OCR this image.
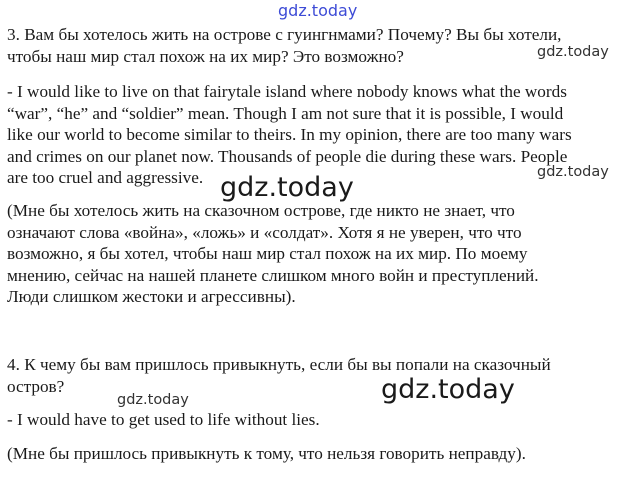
gdz.today
gdz.today
gdz.today	gdz.today
gdz.today	gdz.today
3. Вам бы хотелось жить на острове с гуингнмами? Почему? Вы бы хотели,
чтобы наш мир стал похож на их мир? Это возможно?
- I would like to live on that fairytale island where nobody knows what the words
“war”, “he” and “soldier” mean. Though I am not sure that it is possible, I would
like our world to become similar to theirs. In my opinion, there are too many wars
and crimes on our planet now. Thousands of people die during these wars. People
are too cruel and aggressive.
(Мне бы хотелось жить на сказочном острове, где никто не знает, что
означают слова «война», «ложь» и «солдат». Хотя я не уверен, что что
возможно, я бы хотел, чтобы наш мир стал похож на их мир. По моему
мнению, сейчас на нашей планете слишком много войн и преступлений.
Люди слишком жестоки и агрессивны).
4. К чему бы вам пришлось привыкнуть, если бы вы попали на сказочный
остров?
- I would have to get used to life without lies.
(Мне бы пришлось привыкнуть к тому, что нельзя говорить неправду).
